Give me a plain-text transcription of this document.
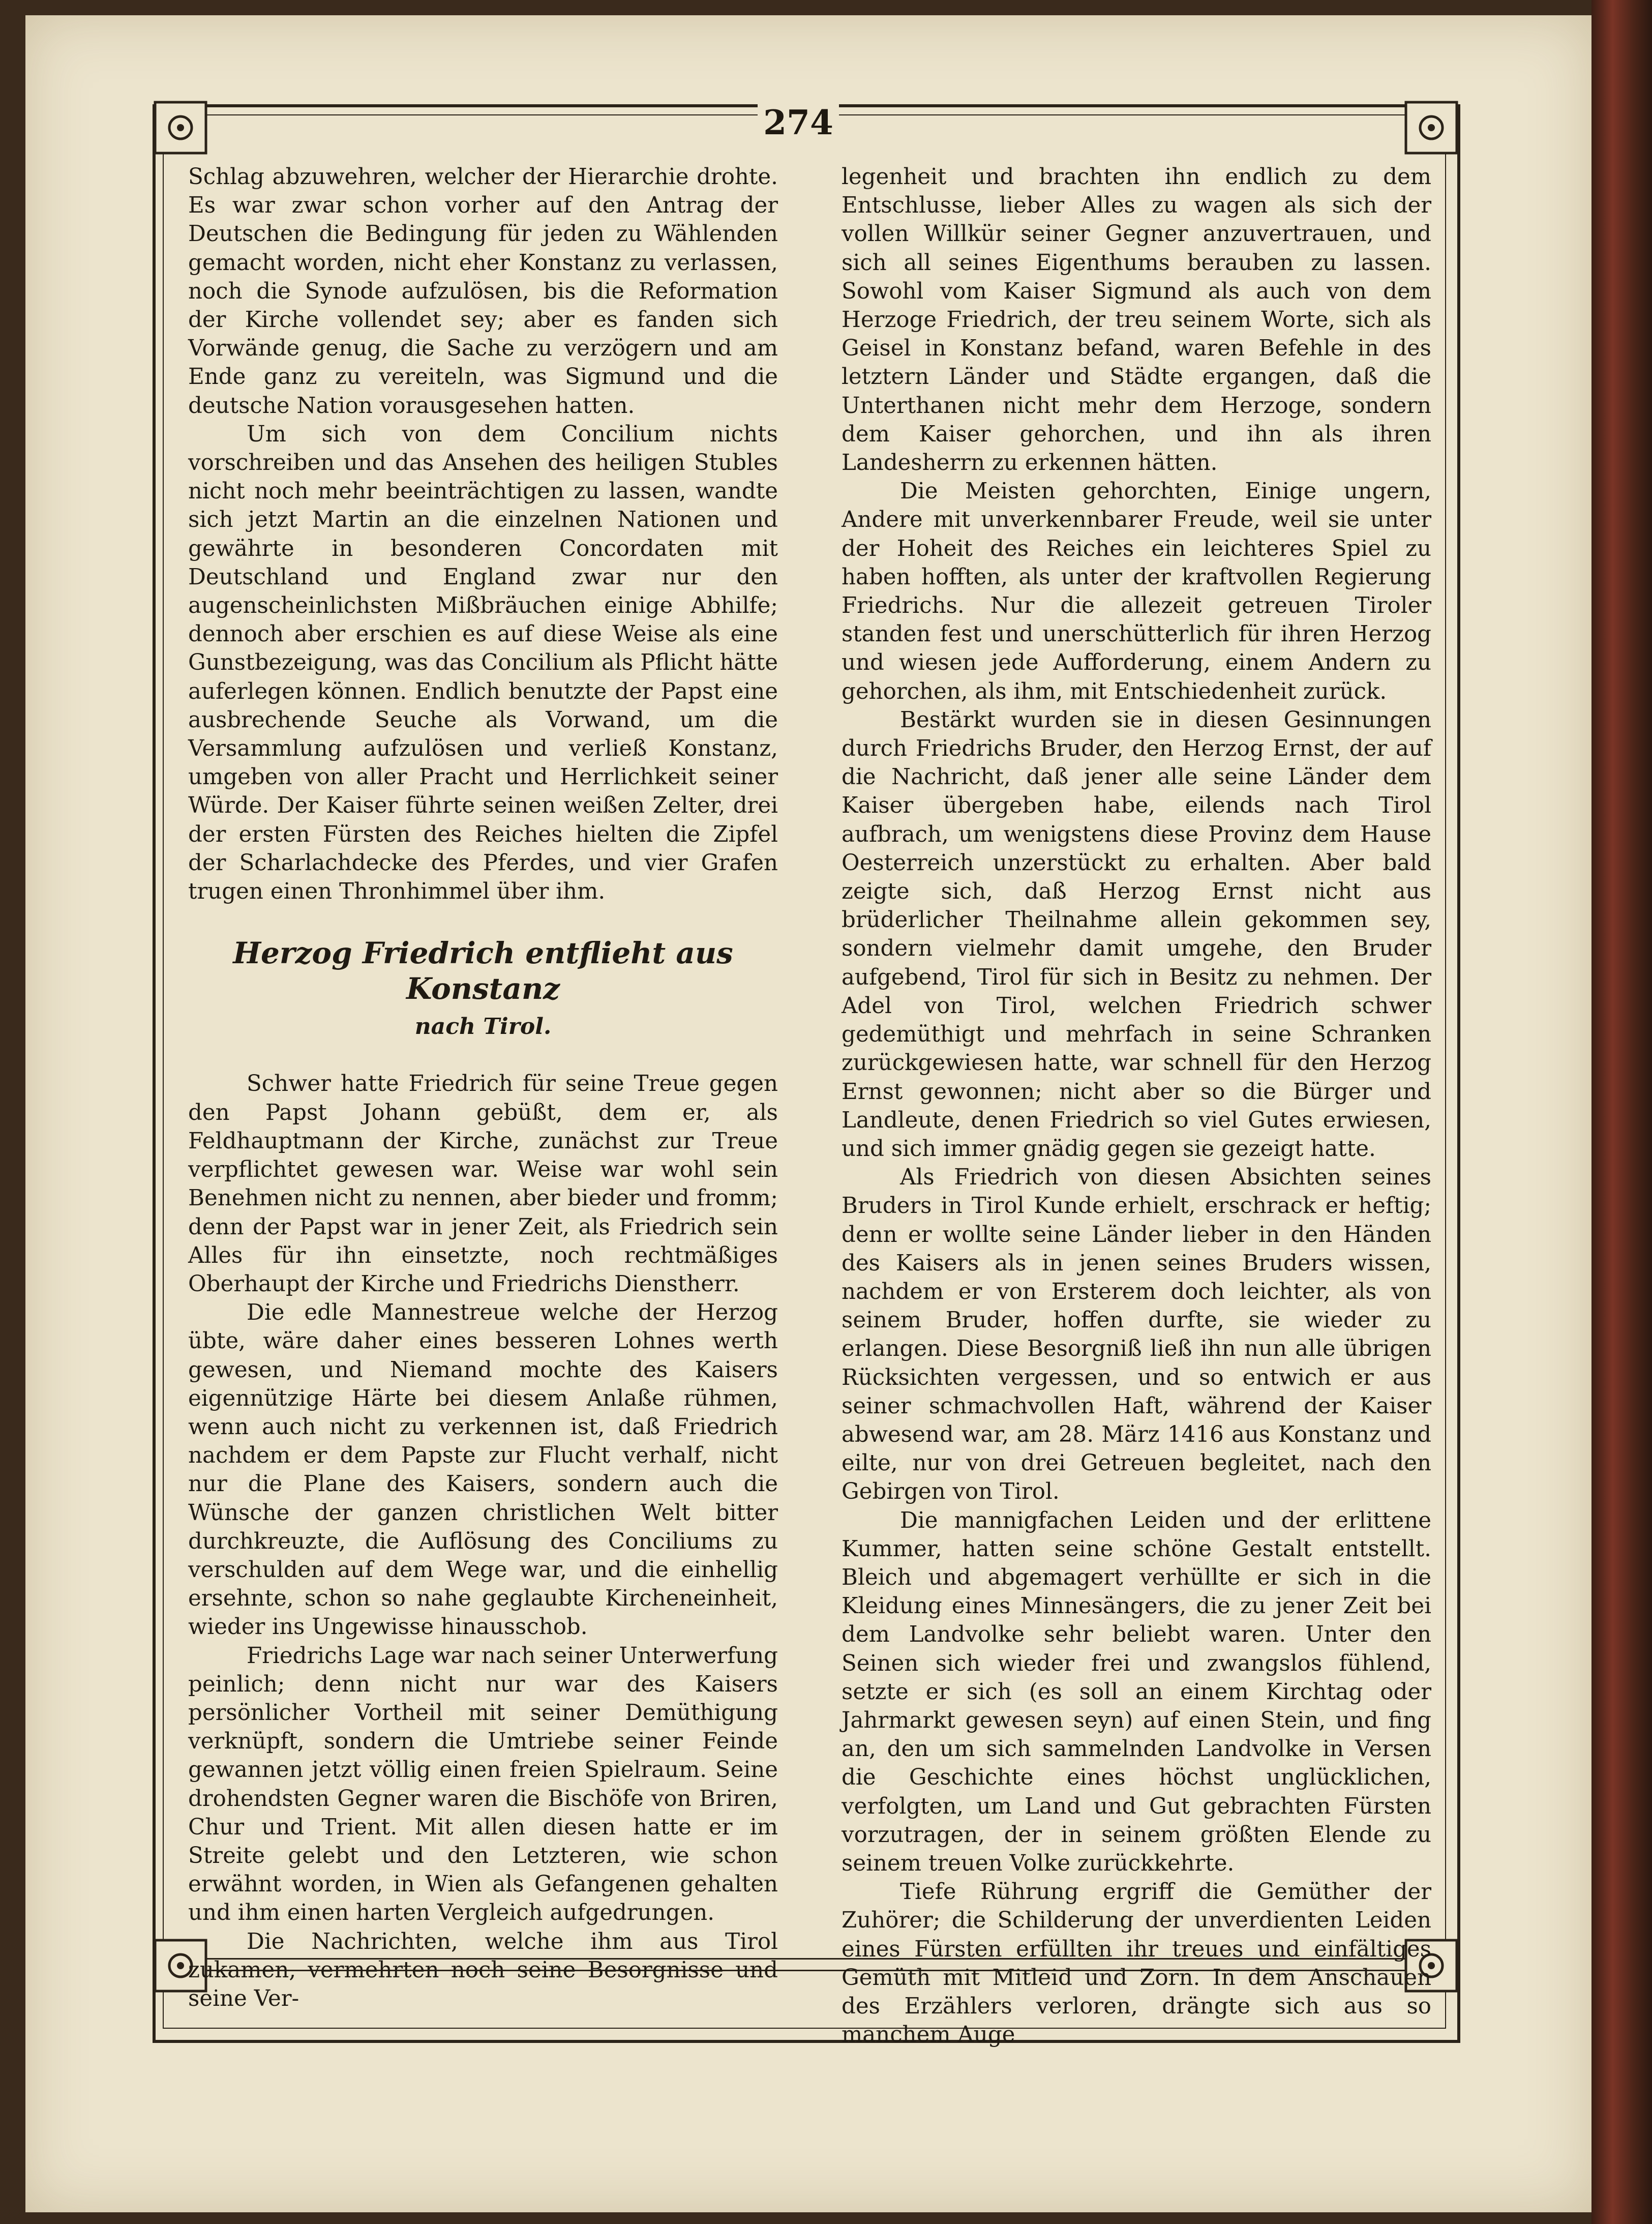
274

Schlag abzuwehren, welcher der Hierarchie drohte. Es war zwar schon vorher auf den Antrag der Deutschen die Bedingung für jeden zu Wählenden gemacht worden, nicht eher Konstanz zu verlassen, noch die Synode aufzulösen, bis die Reformation der Kirche vollendet sey; aber es fanden sich Vorwände genug, die Sache zu verzögern und am Ende ganz zu vereiteln, was Sigmund und die deutsche Nation vorausgesehen hatten.

Um sich von dem Concilium nichts vorschreiben und das Ansehen des heiligen Stubles nicht noch mehr beeinträchtigen zu lassen, wandte sich jetzt Martin an die einzelnen Nationen und gewährte in besonderen Concordaten mit Deutschland und England zwar nur den augenscheinlichsten Mißbräuchen einige Abhilfe; dennoch aber erschien es auf diese Weise als eine Gunstbezeigung, was das Concilium als Pflicht hätte auferlegen können. Endlich benutzte der Papst eine ausbrechende Seuche als Vorwand, um die Versammlung aufzulösen und verließ Konstanz, umgeben von aller Pracht und Herrlichkeit seiner Würde. Der Kaiser führte seinen weißen Zelter, drei der ersten Fürsten des Reiches hielten die Zipfel der Scharlachdecke des Pferdes, und vier Grafen trugen einen Thronhimmel über ihm.

Herzog Friedrich entflieht aus Konstanz
nach Tirol.

Schwer hatte Friedrich für seine Treue gegen den Papst Johann gebüßt, dem er, als Feldhauptmann der Kirche, zunächst zur Treue verpflichtet gewesen war. Weise war wohl sein Benehmen nicht zu nennen, aber bieder und fromm; denn der Papst war in jener Zeit, als Friedrich sein Alles für ihn einsetzte, noch rechtmäßiges Oberhaupt der Kirche und Friedrichs Dienstherr.

Die edle Mannestreue welche der Herzog übte, wäre daher eines besseren Lohnes werth gewesen, und Niemand mochte des Kaisers eigennützige Härte bei diesem Anlaße rühmen, wenn auch nicht zu verkennen ist, daß Friedrich nachdem er dem Papste zur Flucht verhalf, nicht nur die Plane des Kaisers, sondern auch die Wünsche der ganzen christlichen Welt bitter durchkreuzte, die Auflösung des Conciliums zu verschulden auf dem Wege war, und die einhellig ersehnte, schon so nahe geglaubte Kircheneinheit, wieder ins Ungewisse hinausschob.

Friedrichs Lage war nach seiner Unterwerfung peinlich; denn nicht nur war des Kaisers persönlicher Vortheil mit seiner Demüthigung verknüpft, sondern die Umtriebe seiner Feinde gewannen jetzt völlig einen freien Spielraum. Seine drohendsten Gegner waren die Bischöfe von Briren, Chur und Trient. Mit allen diesen hatte er im Streite gelebt und den Letzteren, wie schon erwähnt worden, in Wien als Gefangenen gehalten und ihm einen harten Vergleich aufgedrungen.

Die Nachrichten, welche ihm aus Tirol zukamen, vermehrten noch seine Besorgnisse und seine Ver-

legenheit und brachten ihn endlich zu dem Entschlusse, lieber Alles zu wagen als sich der vollen Willkür seiner Gegner anzuvertrauen, und sich all seines Eigenthums berauben zu lassen. Sowohl vom Kaiser Sigmund als auch von dem Herzoge Friedrich, der treu seinem Worte, sich als Geisel in Konstanz befand, waren Befehle in des letztern Länder und Städte ergangen, daß die Unterthanen nicht mehr dem Herzoge, sondern dem Kaiser gehorchen, und ihn als ihren Landesherrn zu erkennen hätten.

Die Meisten gehorchten, Einige ungern, Andere mit unverkennbarer Freude, weil sie unter der Hoheit des Reiches ein leichteres Spiel zu haben hofften, als unter der kraftvollen Regierung Friedrichs. Nur die allezeit getreuen Tiroler standen fest und unerschütterlich für ihren Herzog und wiesen jede Aufforderung, einem Andern zu gehorchen, als ihm, mit Entschiedenheit zurück.

Bestärkt wurden sie in diesen Gesinnungen durch Friedrichs Bruder, den Herzog Ernst, der auf die Nachricht, daß jener alle seine Länder dem Kaiser übergeben habe, eilends nach Tirol aufbrach, um wenigstens diese Provinz dem Hause Oesterreich unzerstückt zu erhalten. Aber bald zeigte sich, daß Herzog Ernst nicht aus brüderlicher Theilnahme allein gekommen sey, sondern vielmehr damit umgehe, den Bruder aufgebend, Tirol für sich in Besitz zu nehmen. Der Adel von Tirol, welchen Friedrich schwer gedemüthigt und mehrfach in seine Schranken zurückgewiesen hatte, war schnell für den Herzog Ernst gewonnen; nicht aber so die Bürger und Landleute, denen Friedrich so viel Gutes erwiesen, und sich immer gnädig gegen sie gezeigt hatte.

Als Friedrich von diesen Absichten seines Bruders in Tirol Kunde erhielt, erschrack er heftig; denn er wollte seine Länder lieber in den Händen des Kaisers als in jenen seines Bruders wissen, nachdem er von Ersterem doch leichter, als von seinem Bruder, hoffen durfte, sie wieder zu erlangen. Diese Besorgniß ließ ihn nun alle übrigen Rücksichten vergessen, und so entwich er aus seiner schmachvollen Haft, während der Kaiser abwesend war, am 28. März 1416 aus Konstanz und eilte, nur von drei Getreuen begleitet, nach den Gebirgen von Tirol.

Die mannigfachen Leiden und der erlittene Kummer, hatten seine schöne Gestalt entstellt. Bleich und abgemagert verhüllte er sich in die Kleidung eines Minnesängers, die zu jener Zeit bei dem Landvolke sehr beliebt waren. Unter den Seinen sich wieder frei und zwangslos fühlend, setzte er sich (es soll an einem Kirchtag oder Jahrmarkt gewesen seyn) auf einen Stein, und fing an, den um sich sammelnden Landvolke in Versen die Geschichte eines höchst unglücklichen, verfolgten, um Land und Gut gebrachten Fürsten vorzutragen, der in seinem größten Elende zu seinem treuen Volke zurückkehrte.

Tiefe Rührung ergriff die Gemüther der Zuhörer; die Schilderung der unverdienten Leiden eines Fürsten erfüllten ihr treues und einfältiges Gemüth mit Mitleid und Zorn. In dem Anschauen des Erzählers verloren, drängte sich aus so manchem Auge
